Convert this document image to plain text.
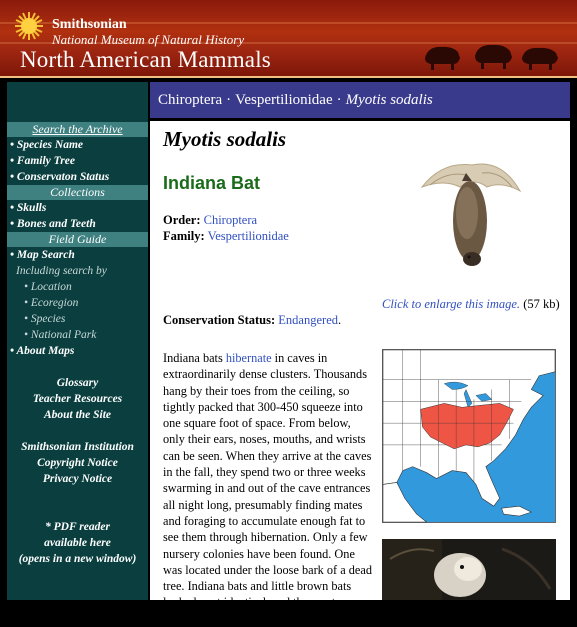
Smithsonian
National Museum of Natural History
North American Mammals
Search the Archive
• Species Name
• Family Tree
• Conservaton Status
Collections
• Skulls
• Bones and Teeth
Field Guide
• Map Search
Including search by
• Location
• Ecoregion
• Species
• National Park
• About Maps
Glossary
Teacher Resources
About the Site
Smithsonian Institution
Copyright Notice
Privacy Notice
* PDF reader
available here
(opens in a new window)
Chiroptera · Vespertilionidae · Myotis sodalis
Myotis sodalis
Indiana Bat
Order: Chiroptera
Family: Vespertilionidae
Click to enlarge this image. (57 kb)
Conservation Status: Endangered.
Indiana bats hibernate in caves in extraordinarily dense clusters. Thousands hang by their toes from the ceiling, so tightly packed that 300-450 squeeze into one square foot of space. From below, only their ears, noses, mouths, and wrists can be seen. When they arrive at the caves in the fall, they spend two or three weeks swarming in and out of the cave entrances all night long, presumably finding mates and foraging to accumulate enough fat to see them through hibernation. Only a few nursery colonies have been found. One was located under the loose bark of a dead tree. Indiana bats and little brown bats look almost identical, and the most reliable
